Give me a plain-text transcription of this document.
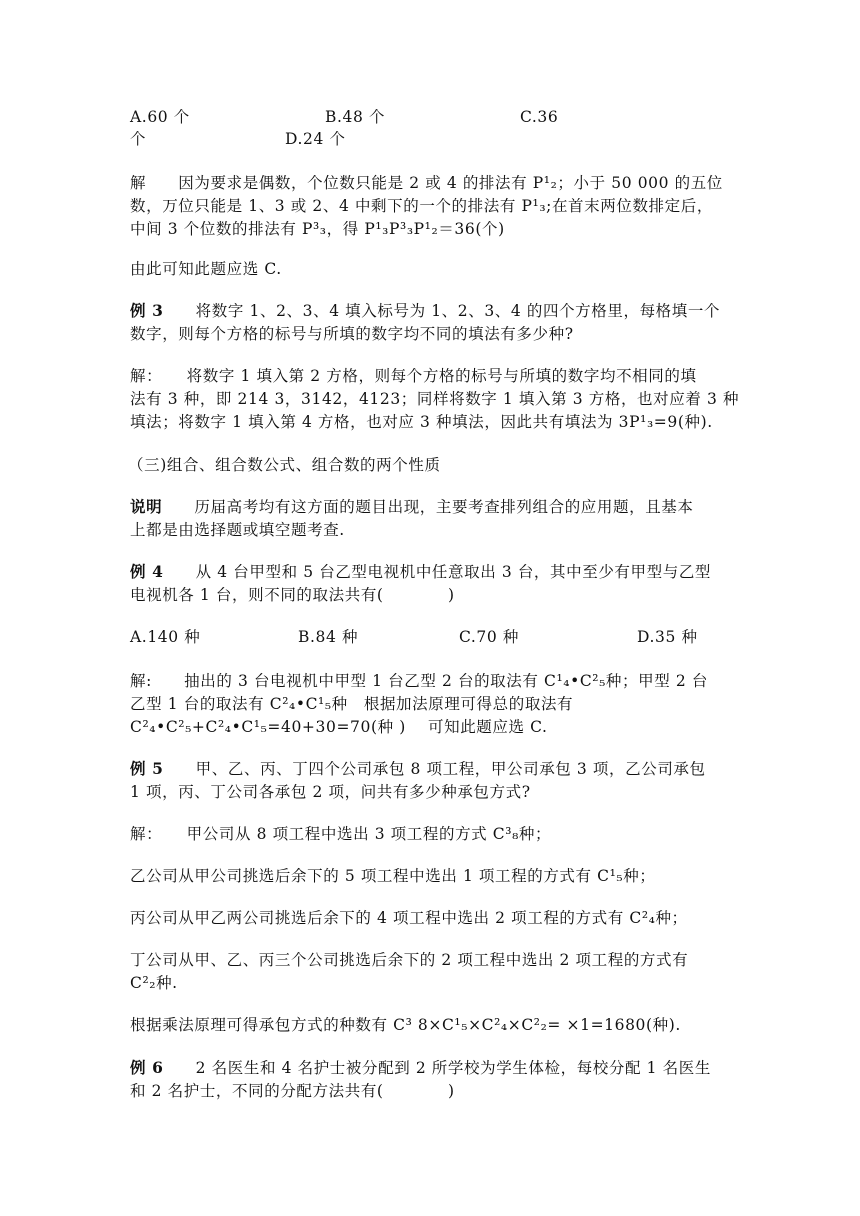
A.60 个	B.48 个	C.36
个	D.24 个
解　　因为要求是偶数，个位数只能是 2 或 4 的排法有 P¹₂；小于 50 000 的五位
数，万位只能是 1、3 或 2、4 中剩下的一个的排法有 P¹₃;在首末两位数排定后，
中间 3 个位数的排法有 P³₃，得 P¹₃P³₃P¹₂＝36(个)
由此可知此题应选 C.
例 3　　将数字 1、2、3、4 填入标号为 1、2、3、4 的四个方格里，每格填一个
数字，则每个方格的标号与所填的数字均不同的填法有多少种?
解：　　将数字 1 填入第 2 方格，则每个方格的标号与所填的数字均不相同的填
法有 3 种，即 214 3，3142，4123；同样将数字 1 填入第 3 方格，也对应着 3 种
填法；将数字 1 填入第 4 方格，也对应 3 种填法，因此共有填法为 3P¹₃=9(种).
（三)组合、组合数公式、组合数的两个性质
说明　　历届高考均有这方面的题目出现，主要考查排列组合的应用题，且基本
上都是由选择题或填空题考查.
例 4　　从 4 台甲型和 5 台乙型电视机中任意取出 3 台，其中至少有甲型与乙型
电视机各 1 台，则不同的取法共有(　　　　)
A.140 种	B.84 种	C.70 种	D.35 种
解:　　抽出的 3 台电视机中甲型 1 台乙型 2 台的取法有 C¹₄•C²₅种；甲型 2 台
乙型 1 台的取法有 C²₄•C¹₅种　根据加法原理可得总的取法有
C²₄•C²₅+C²₄•C¹₅=40+30=70(种 ) 可知此题应选 C.
例 5　　甲、乙、丙、丁四个公司承包 8 项工程，甲公司承包 3 项，乙公司承包
1 项，丙、丁公司各承包 2 项，问共有多少种承包方式?
解：　　甲公司从 8 项工程中选出 3 项工程的方式 C³₈种；
乙公司从甲公司挑选后余下的 5 项工程中选出 1 项工程的方式有 C¹₅种；
丙公司从甲乙两公司挑选后余下的 4 项工程中选出 2 项工程的方式有 C²₄种；
丁公司从甲、乙、丙三个公司挑选后余下的 2 项工程中选出 2 项工程的方式有
C²₂种.
根据乘法原理可得承包方式的种数有 C³ 8×C¹₅×C²₄×C²₂= ×1=1680(种).
例 6　　2 名医生和 4 名护士被分配到 2 所学校为学生体检，每校分配 1 名医生
和 2 名护士，不同的分配方法共有(　　　　)
